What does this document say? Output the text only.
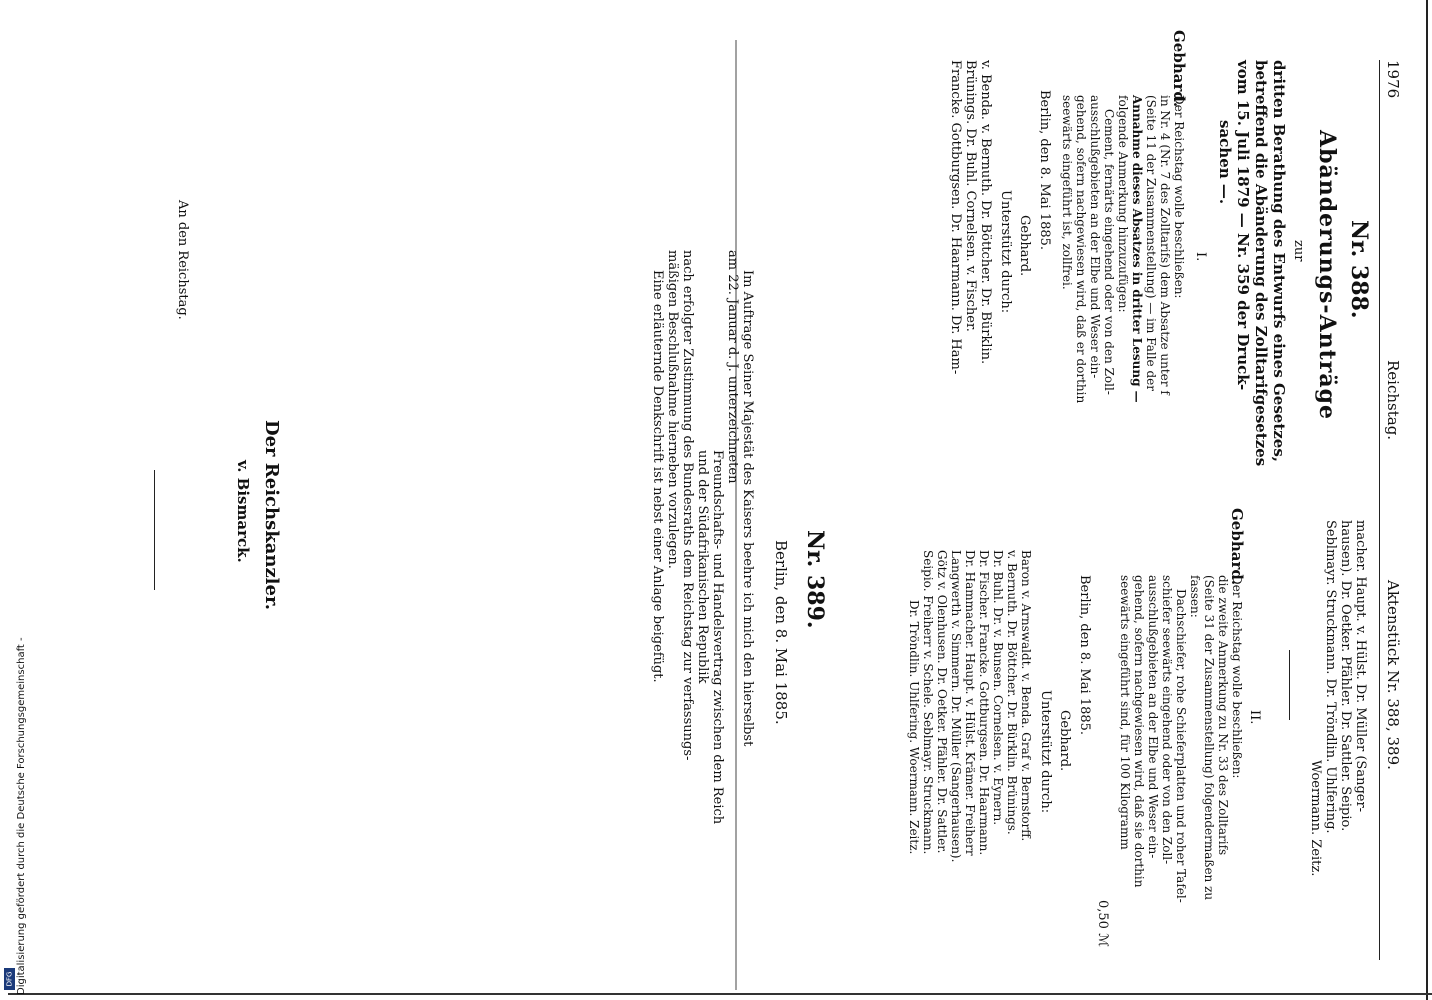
1976
Reichstag.
Aktenstück Nr. 388, 389.
Nr. 388.
Abänderungs-Anträge
zur
dritten Berathung des Entwurfs eines Gesetzes,
betreffend die Abänderung des Zolltarifgesetzes
vom 15. Juli 1879 — Nr. 359 der Druck-
sachen —.
I.
Gebhard.
Der Reichstag wolle beschließen:
in Nr. 4 (Nr. 7 des Zolltarifs) dem Absatze unter f
(Seite 11 der Zusammenstellung) — im Falle der
Annahme dieses Absatzes in dritter Lesung —
folgende Anmerkung hinzuzufügen:
Cement, fernärts eingehend oder von den Zoll-
ausschlußgebieten an der Elbe und Weser ein-
gehend, sofern nachgewiesen wird, daß er dorthin
seewärts eingeführt ist, zollfrei.
Berlin, den 8. Mai 1885.
Gebhard.
Unterstützt durch:
v. Benda. v. Bernuth. Dr. Böttcher. Dr. Bürklin.
Brünings. Dr. Buhl. Cornelsen. v. Fischer.
Francke. Gottburgsen. Dr. Haarmann. Dr. Ham-
Nr. 389.
Berlin, den 8. Mai 1885.
Im Auftrage Seiner Majestät des Kaisers beehre ich mich den hierselbst
am 22. Januar d. J. unterzeichneten
Freundschafts- und Handelsvertrag zwischen dem Reich
und der Südafrikanischen Republik
nach erfolgter Zustimmung des Bundesraths dem Reichstag zur verfassungs-
mäßigen Beschlußnahme hierneben vorzulegen.
Eine erläuternde Denkschrift ist nebst einer Anlage beigefügt.
Der Reichskanzler.
v. Bismarck.
An den Reichstag.
macher. Haupt. v. Hülst. Dr. Müller (Sanger-
hausen). Dr. Oetker. Pfähler. Dr. Sattler. Seipio.
Seblmayr. Struckmann. Dr. Tröndlin. Uhlfering.
Woermann. Zeitz.
II.
Gebhard.
Der Reichstag wolle beschließen:
die zweite Anmerkung zu Nr. 33 des Zolltarifs
(Seite 31 der Zusammenstellung) folgendermaßen zu
fassen:
Dachschiefer, rohe Schieferplatten und roher Tafel-
schiefer seewärts eingehend oder von den Zoll-
ausschlußgebieten an der Elbe und Weser ein-
gehend, sofern nachgewiesen wird, daß sie dorthin
seewärts eingeführt sind, für 100 Kilogramm
0,50 ℳ
Berlin, den 8. Mai 1885.
Gebhard.
Unterstützt durch:
Baron v. Arnswaldt. v. Benda. Graf v. Bernstorff.
v. Bernuth. Dr. Böttcher. Dr. Bürklin. Brünings.
Dr. Buhl. Dr. v. Bunsen. Cornelsen. v. Eynern.
Dr. Fischer. Francke. Gottburgsen. Dr. Haarmann.
Dr. Hammacher. Haupt. v. Hülst. Krämer. Freiherr
Langwerth v. Simmern. Dr. Müller (Sangerhausen).
Götz v. Olenhusen. Dr. Oetker. Pfähler. Dr. Sattler.
Seipio. Freiherr v. Schele. Seblmayr. Struckmann.
Dr. Tröndlin. Uhlfering. Woermann. Zeitz.
Digitalisierung gefördert durch die Deutsche Forschungsgemeinschaft -
DFG
